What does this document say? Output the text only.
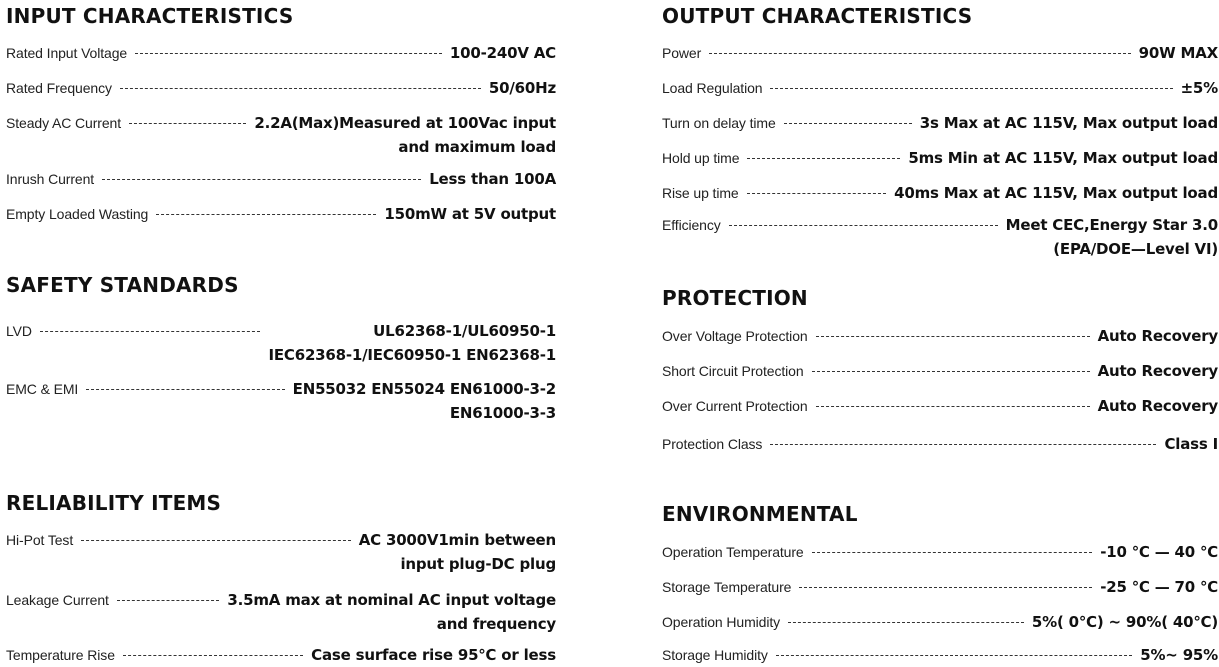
INPUT CHARACTERISTICS
Rated Input Voltage	100-240V AC
Rated Frequency	50/60Hz
Steady AC Current	2.2A(Max)Measured at 100Vac input
and maximum load
Inrush Current	Less than 100A
Empty Loaded Wasting	150mW at 5V output
SAFETY STANDARDS
LVD	UL62368-1/UL60950-1
IEC62368-1/IEC60950-1 EN62368-1
EMC & EMI	EN55032 EN55024 EN61000-3-2
EN61000-3-3
RELIABILITY ITEMS
Hi-Pot Test	AC 3000V1min between
input plug-DC plug
Leakage Current	3.5mA max at nominal AC input voltage
and frequency
Temperature Rise	Case surface rise 95℃ or less
OUTPUT CHARACTERISTICS
Power	90W MAX
Load Regulation	±5%
Turn on delay time	3s Max at AC 115V, Max output load
Hold up time	5ms Min at AC 115V, Max output load
Rise up time	40ms Max at AC 115V, Max output load
Efficiency	Meet CEC,Energy Star 3.0
(EPA/DOE—Level VI)
PROTECTION
Over Voltage Protection	Auto Recovery
Short Circuit Protection	Auto Recovery
Over Current Protection	Auto Recovery
Protection Class	Class I
ENVIRONMENTAL
Operation Temperature	-10 ℃ — 40 ℃
Storage Temperature	-25 ℃ — 70 ℃
Operation Humidity	5%( 0℃) ~ 90%( 40℃)
Storage Humidity	5%~ 95%
